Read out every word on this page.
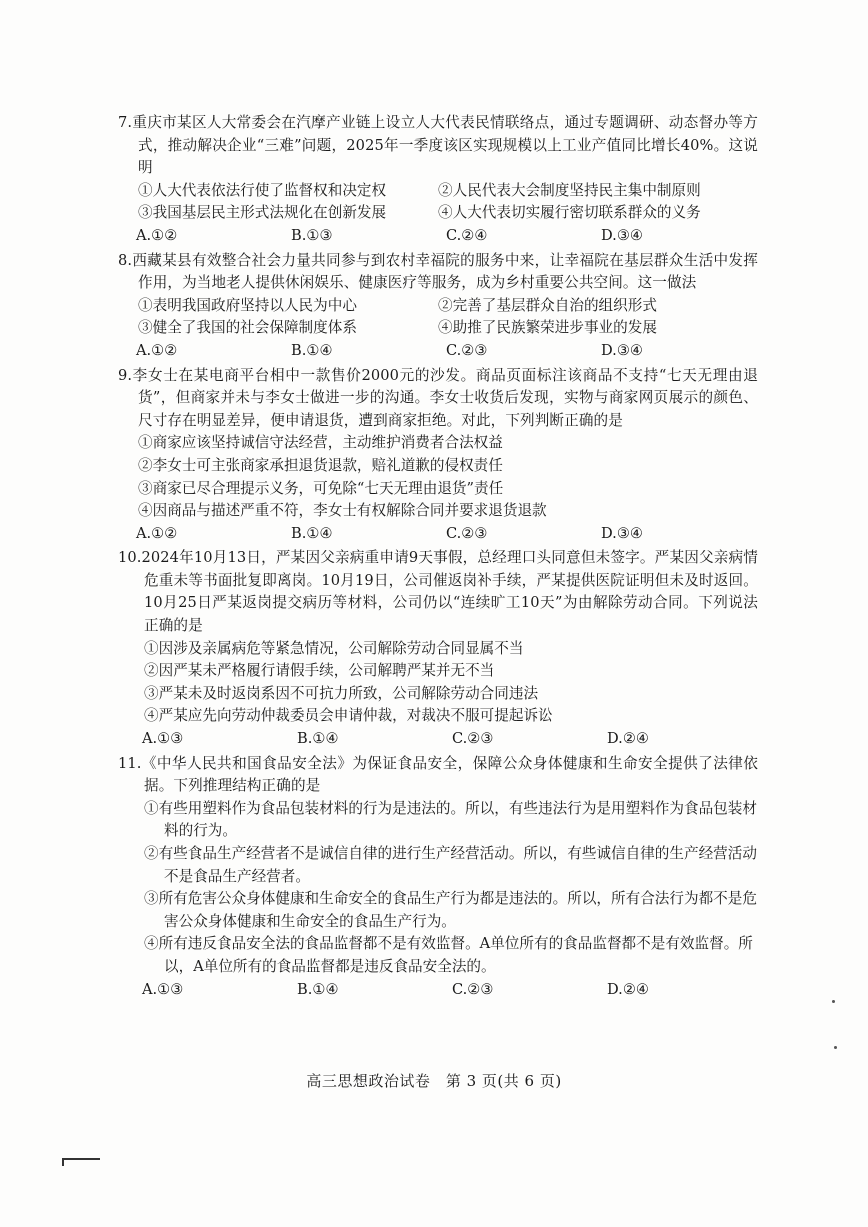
7.重庆市某区人大常委会在汽摩产业链上设立人大代表民情联络点，通过专题调研、动态督办等方式，推动解决企业“三难”问题，2025年一季度该区实现规模以上工业产值同比增长40%。这说明

①人大代表依法行使了监督权和决定权	②人民代表大会制度坚持民主集中制原则

③我国基层民主形式法规化在创新发展	④人大代表切实履行密切联系群众的义务

A.①②	B.①③	C.②④	D.③④

8.西藏某县有效整合社会力量共同参与到农村幸福院的服务中来，让幸福院在基层群众生活中发挥作用，为当地老人提供休闲娱乐、健康医疗等服务，成为乡村重要公共空间。这一做法

①表明我国政府坚持以人民为中心	②完善了基层群众自治的组织形式

③健全了我国的社会保障制度体系	④助推了民族繁荣进步事业的发展

A.①②	B.①④	C.②③	D.③④

9.李女士在某电商平台相中一款售价2000元的沙发。商品页面标注该商品不支持“七天无理由退货”，但商家并未与李女士做进一步的沟通。李女士收货后发现，实物与商家网页展示的颜色、尺寸存在明显差异，便申请退货，遭到商家拒绝。对此，下列判断正确的是

①商家应该坚持诚信守法经营，主动维护消费者合法权益

②李女士可主张商家承担退货退款，赔礼道歉的侵权责任

③商家已尽合理提示义务，可免除“七天无理由退货”责任

④因商品与描述严重不符，李女士有权解除合同并要求退货退款

A.①②	B.①④	C.②③	D.③④

10.2024年10月13日，严某因父亲病重申请9天事假，总经理口头同意但未签字。严某因父亲病情危重未等书面批复即离岗。10月19日，公司催返岗补手续，严某提供医院证明但未及时返回。10月25日严某返岗提交病历等材料，公司仍以“连续旷工10天”为由解除劳动合同。下列说法正确的是

①因涉及亲属病危等紧急情况，公司解除劳动合同显属不当

②因严某未严格履行请假手续，公司解聘严某并无不当

③严某未及时返岗系因不可抗力所致，公司解除劳动合同违法

④严某应先向劳动仲裁委员会申请仲裁，对裁决不服可提起诉讼

A.①③	B.①④	C.②③	D.②④

11.《中华人民共和国食品安全法》为保证食品安全，保障公众身体健康和生命安全提供了法律依据。下列推理结构正确的是

①有些用塑料作为食品包装材料的行为是违法的。所以，有些违法行为是用塑料作为食品包装材料的行为。

②有些食品生产经营者不是诚信自律的进行生产经营活动。所以，有些诚信自律的生产经营活动不是食品生产经营者。

③所有危害公众身体健康和生命安全的食品生产行为都是违法的。所以，所有合法行为都不是危害公众身体健康和生命安全的食品生产行为。

④所有违反食品安全法的食品监督都不是有效监督。A单位所有的食品监督都不是有效监督。所以，A单位所有的食品监督都是违反食品安全法的。

A.①③	B.①④	C.②③	D.②④
高三思想政治试卷　第 3 页(共 6 页)
